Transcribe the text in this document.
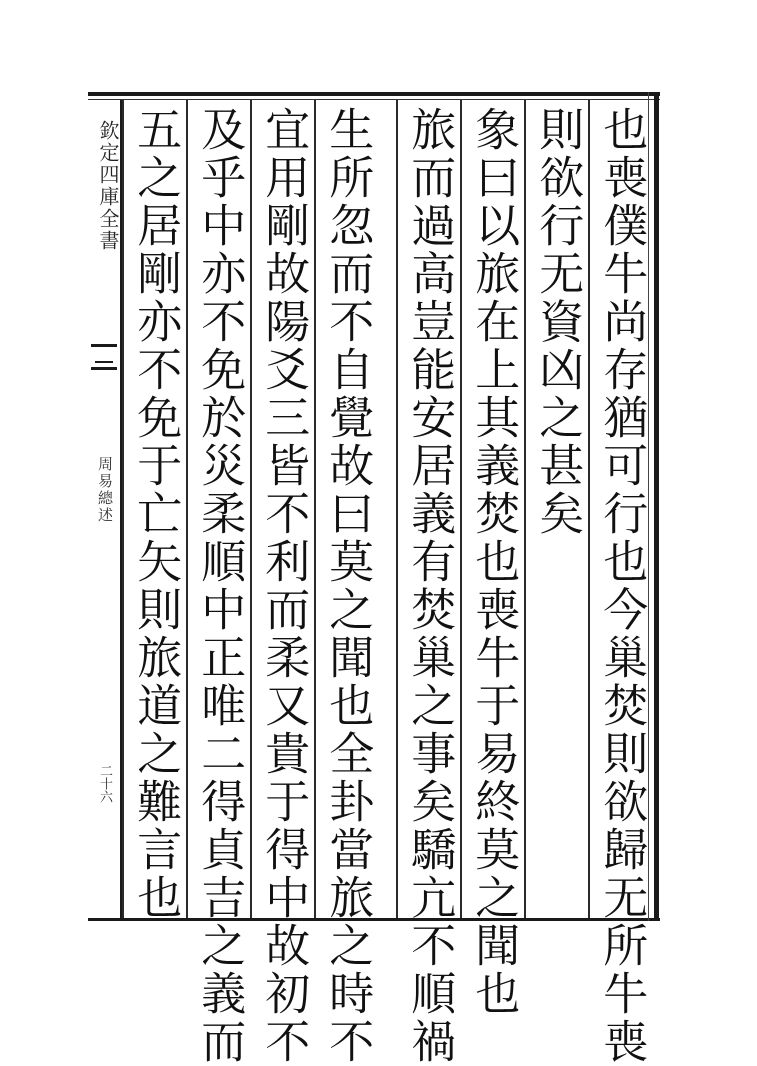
欽定四庫全書
周易總述
二十六	也喪僕牛尚存猶可行也今巢焚則欲歸无所牛喪
則欲行无資凶之甚矣
象曰以旅在上其義焚也喪牛于易終莫之聞也
旅而過高豈能安居義有焚巢之事矣驕亢不順禍
生所忽而不自覺故曰莫之聞也全卦當旅之時不
宜用剛故陽爻三皆不利而柔又貴于得中故初不
及乎中亦不免於災柔順中正唯二得貞吉之義而
五之居剛亦不免于亡矢則旅道之難言也
